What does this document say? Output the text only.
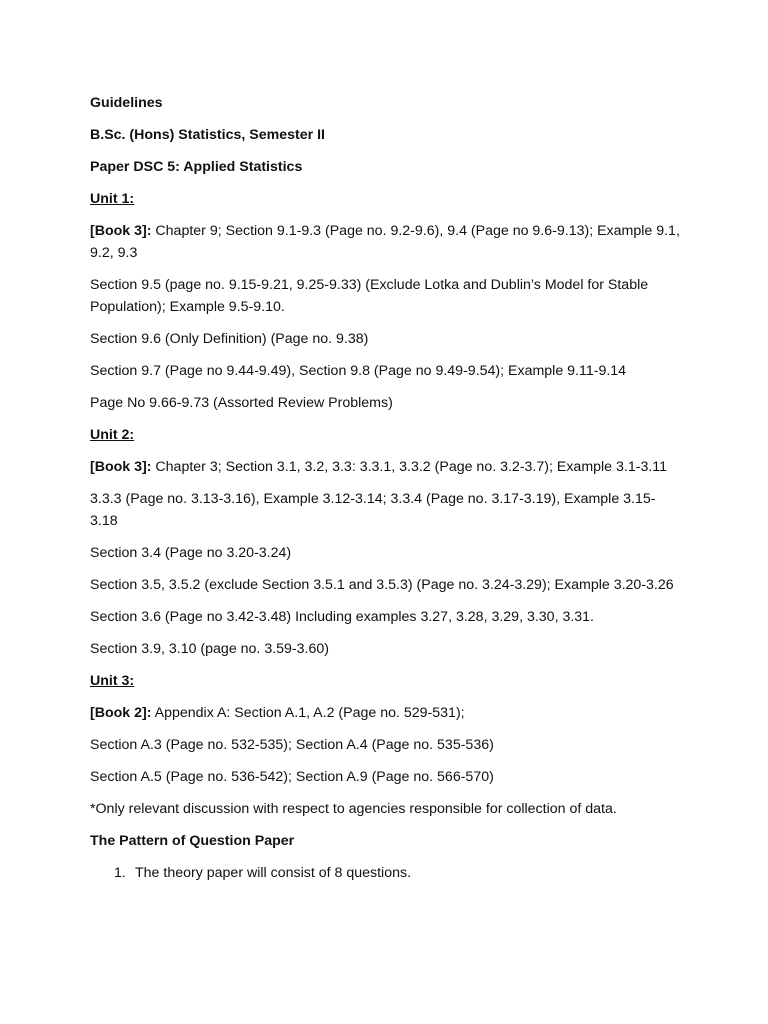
Guidelines

B.Sc. (Hons) Statistics, Semester II

Paper DSC 5: Applied Statistics

Unit 1:

[Book 3]: Chapter 9; Section 9.1-9.3 (Page no. 9.2-9.6), 9.4 (Page no 9.6-9.13); Example 9.1, 9.2, 9.3

Section 9.5 (page no. 9.15-9.21, 9.25-9.33) (Exclude Lotka and Dublin’s Model for Stable Population); Example 9.5-9.10.

Section 9.6 (Only Definition) (Page no. 9.38)

Section 9.7 (Page no 9.44-9.49), Section 9.8 (Page no 9.49-9.54); Example 9.11-9.14

Page No 9.66-9.73 (Assorted Review Problems)

Unit 2:

[Book 3]: Chapter 3; Section 3.1, 3.2, 3.3: 3.3.1, 3.3.2 (Page no. 3.2-3.7); Example 3.1-3.11

3.3.3 (Page no. 3.13-3.16), Example 3.12-3.14; 3.3.4 (Page no. 3.17-3.19), Example 3.15-3.18

Section 3.4 (Page no 3.20-3.24)

Section 3.5, 3.5.2 (exclude Section 3.5.1 and 3.5.3) (Page no. 3.24-3.29); Example 3.20-3.26

Section 3.6 (Page no 3.42-3.48) Including examples 3.27, 3.28, 3.29, 3.30, 3.31.

Section 3.9, 3.10 (page no. 3.59-3.60)

Unit 3:

[Book 2]: Appendix A: Section A.1, A.2 (Page no. 529-531);

Section A.3 (Page no. 532-535); Section A.4 (Page no. 535-536)

Section A.5 (Page no. 536-542); Section A.9 (Page no. 566-570)

*Only relevant discussion with respect to agencies responsible for collection of data.

The Pattern of Question Paper

1. The theory paper will consist of 8 questions.
